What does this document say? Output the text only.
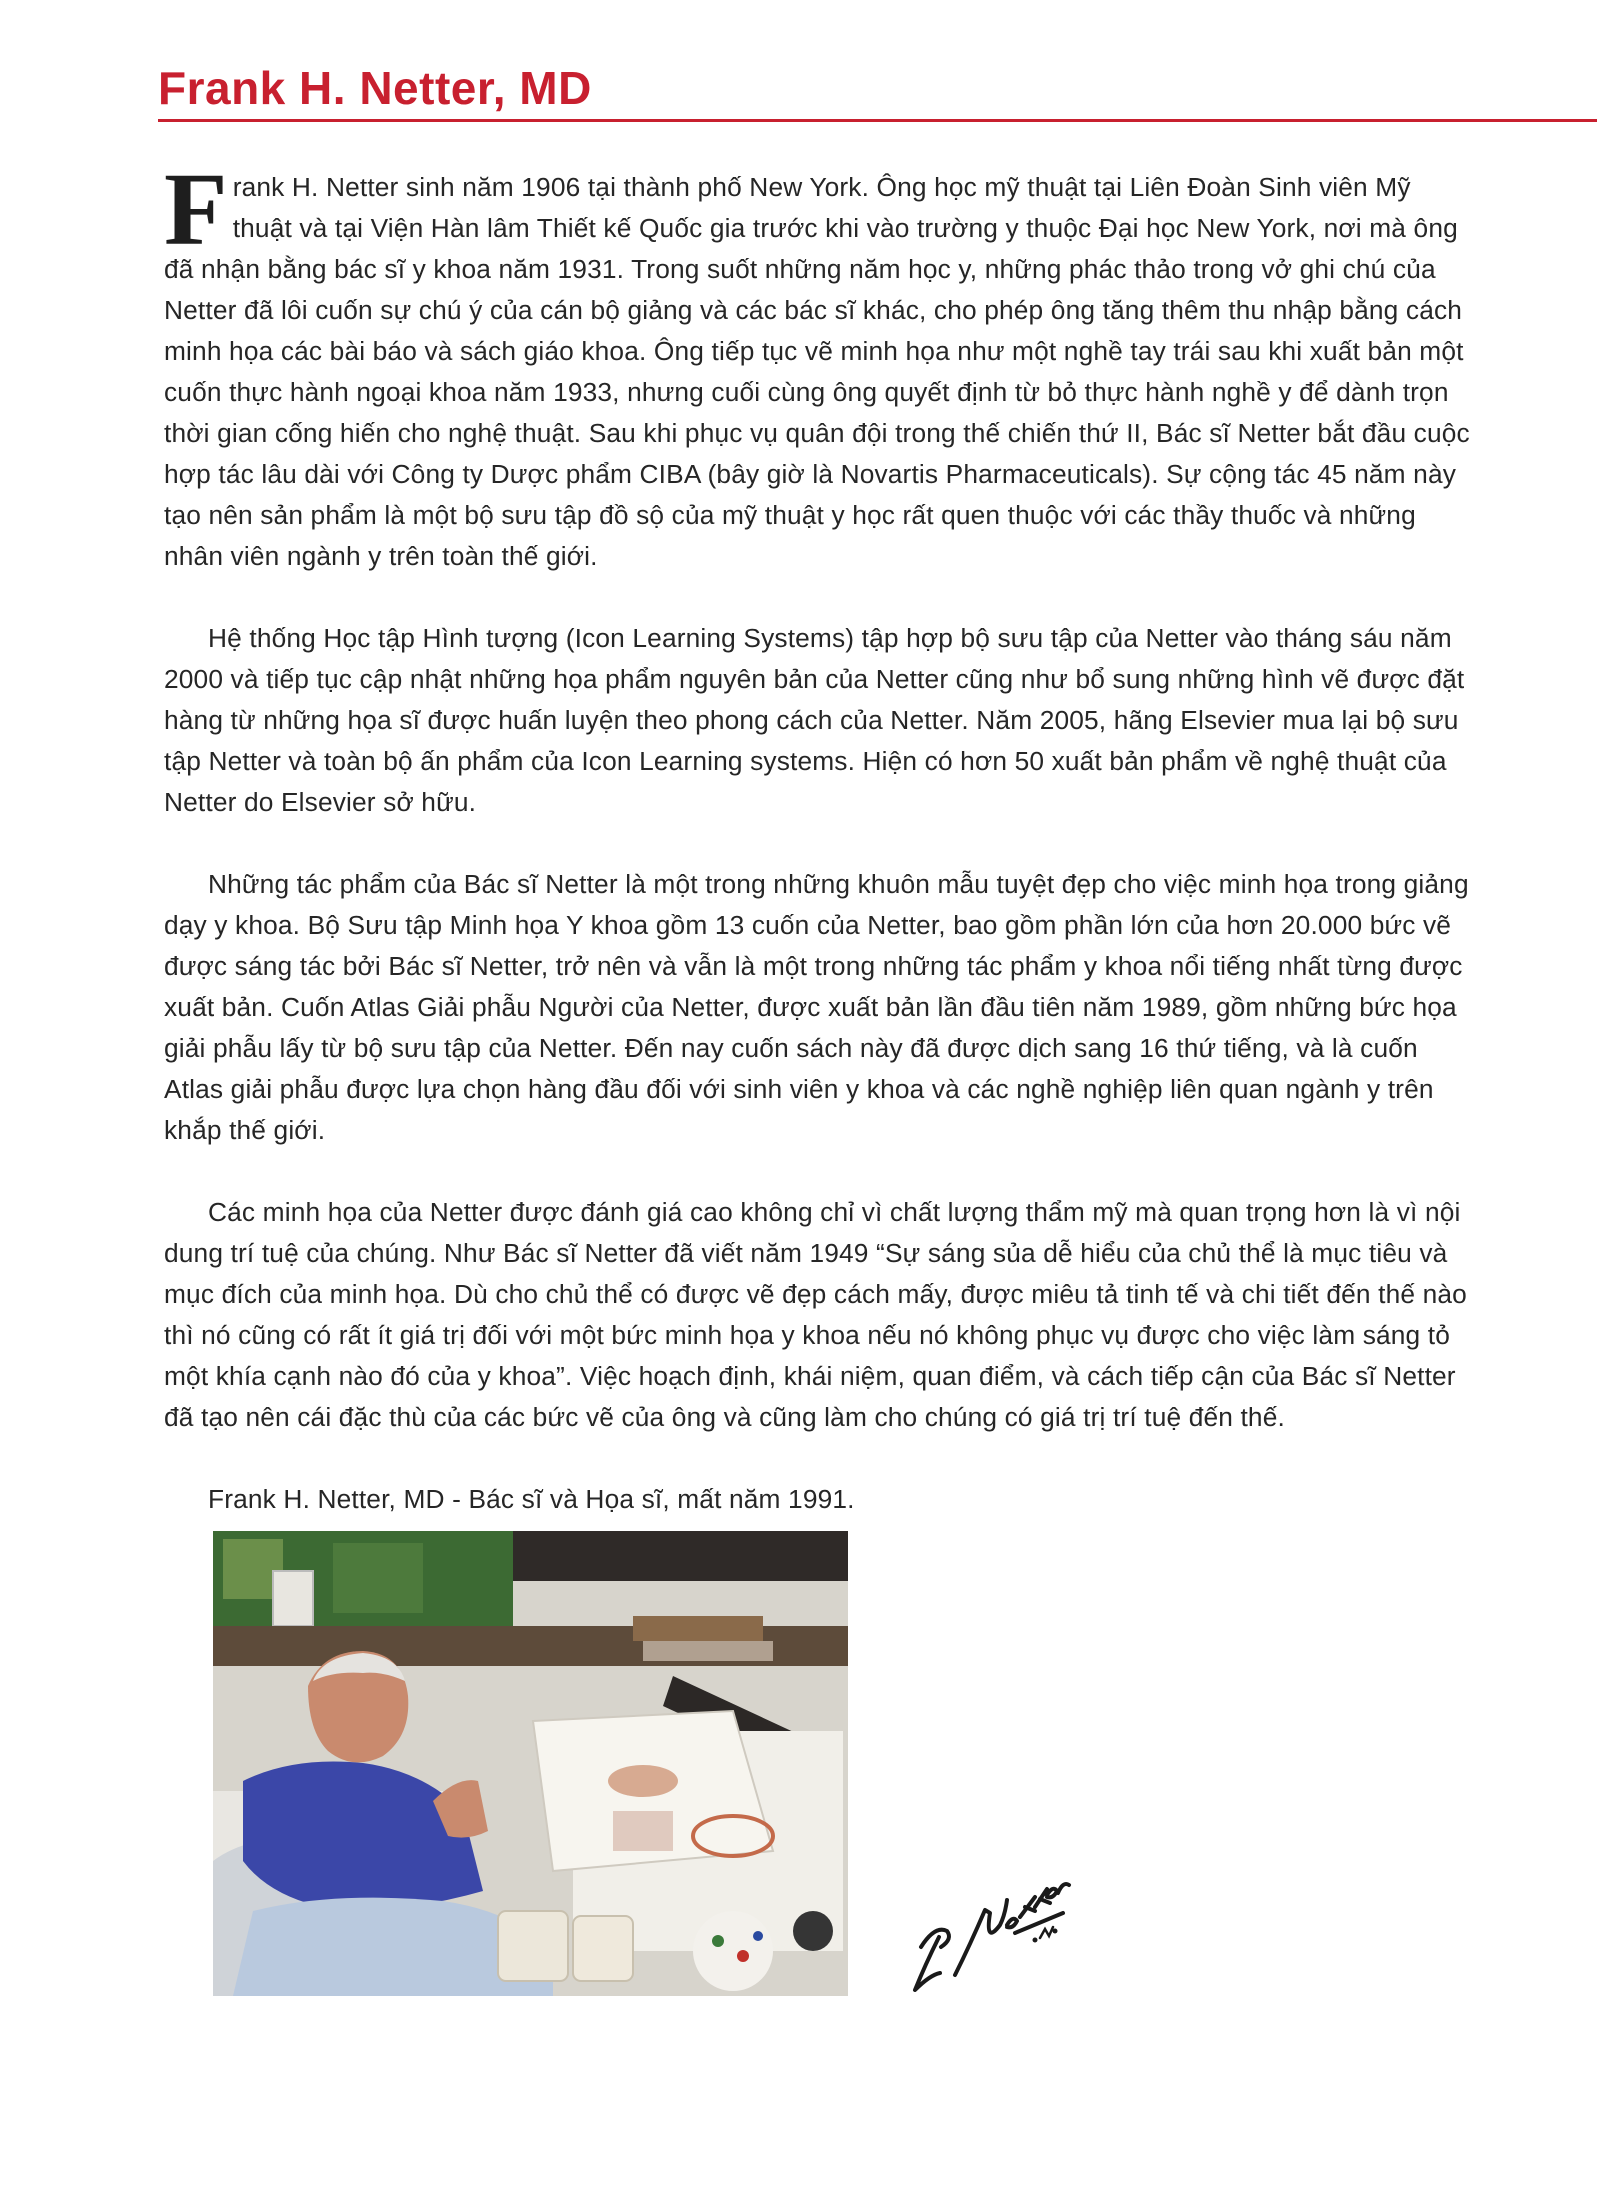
Frank H. Netter, MD

Frank H. Netter sinh năm 1906 tại thành phố New York. Ông học mỹ thuật tại Liên Đoàn Sinh viên Mỹ thuật và tại Viện Hàn lâm Thiết kế Quốc gia trước khi vào trường y thuộc Đại học New York, nơi mà ông đã nhận bằng bác sĩ y khoa năm 1931. Trong suốt những năm học y, những phác thảo trong vở ghi chú của Netter đã lôi cuốn sự chú ý của cán bộ giảng và các bác sĩ khác, cho phép ông tăng thêm thu nhập bằng cách minh họa các bài báo và sách giáo khoa. Ông tiếp tục vẽ minh họa như một nghề tay trái sau khi xuất bản một cuốn thực hành ngoại khoa năm 1933, nhưng cuối cùng ông quyết định từ bỏ thực hành nghề y để dành trọn thời gian cống hiến cho nghệ thuật. Sau khi phục vụ quân đội trong thế chiến thứ II, Bác sĩ Netter bắt đầu cuộc hợp tác lâu dài với Công ty Dược phẩm CIBA (bây giờ là Novartis Pharmaceuticals). Sự cộng tác 45 năm này tạo nên sản phẩm là một bộ sưu tập đồ sộ của mỹ thuật y học rất quen thuộc với các thầy thuốc và những nhân viên ngành y trên toàn thế giới.

Hệ thống Học tập Hình tượng (Icon Learning Systems) tập hợp bộ sưu tập của Netter vào tháng sáu năm 2000 và tiếp tục cập nhật những họa phẩm nguyên bản của Netter cũng như bổ sung những hình vẽ được đặt hàng từ những họa sĩ được huấn luyện theo phong cách của Netter. Năm 2005, hãng Elsevier mua lại bộ sưu tập Netter và toàn bộ ấn phẩm của Icon Learning systems. Hiện có hơn 50 xuất bản phẩm về nghệ thuật của Netter do Elsevier sở hữu.

Những tác phẩm của Bác sĩ Netter là một trong những khuôn mẫu tuyệt đẹp cho việc minh họa trong giảng dạy y khoa. Bộ Sưu tập Minh họa Y khoa gồm 13 cuốn của Netter, bao gồm phần lớn của hơn 20.000 bức vẽ được sáng tác bởi Bác sĩ Netter, trở nên và vẫn là một trong những tác phẩm y khoa nổi tiếng nhất từng được xuất bản. Cuốn Atlas Giải phẫu Người của Netter, được xuất bản lần đầu tiên năm 1989, gồm những bức họa giải phẫu lấy từ bộ sưu tập của Netter. Đến nay cuốn sách này đã được dịch sang 16 thứ tiếng, và là cuốn Atlas giải phẫu được lựa chọn hàng đầu đối với sinh viên y khoa và các nghề nghiệp liên quan ngành y trên khắp thế giới.

Các minh họa của Netter được đánh giá cao không chỉ vì chất lượng thẩm mỹ mà quan trọng hơn là vì nội dung trí tuệ của chúng. Như Bác sĩ Netter đã viết năm 1949 “Sự sáng sủa dễ hiểu của chủ thể là mục tiêu và mục đích của minh họa. Dù cho chủ thể có được vẽ đẹp cách mấy, được miêu tả tinh tế và chi tiết đến thế nào thì nó cũng có rất ít giá trị đối với một bức minh họa y khoa nếu nó không phục vụ được cho việc làm sáng tỏ một khía cạnh nào đó của y khoa”. Việc hoạch định, khái niệm, quan điểm, và cách tiếp cận của Bác sĩ Netter đã tạo nên cái đặc thù của các bức vẽ của ông và cũng làm cho chúng có giá trị trí tuệ đến thế.

Frank H. Netter, MD - Bác sĩ và Họa sĩ, mất năm 1991.
